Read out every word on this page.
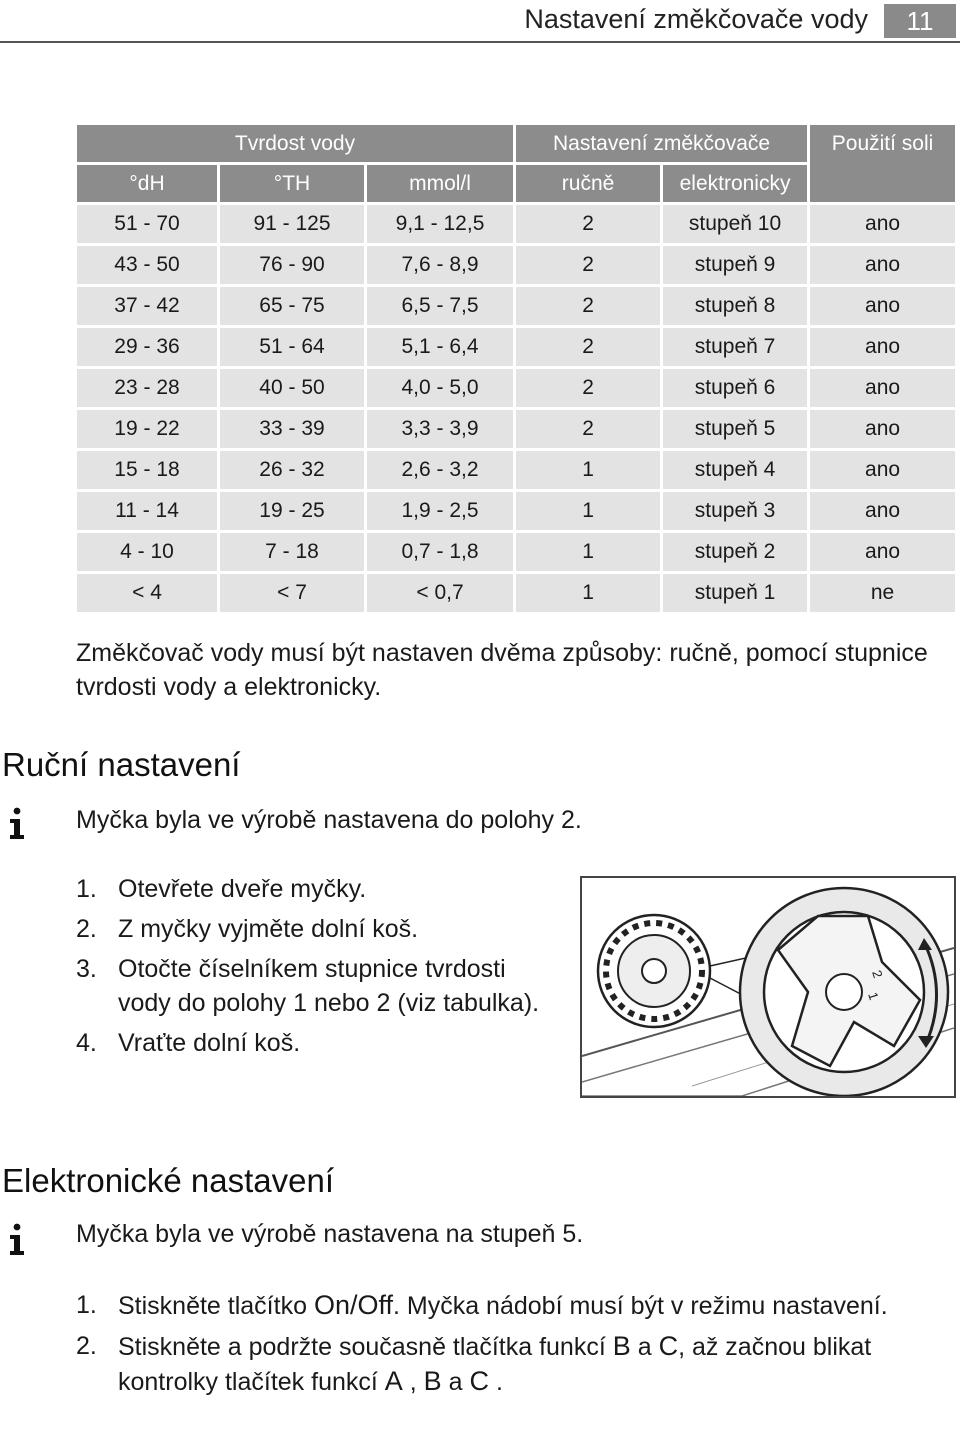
Nastavení změkčovače vody	11
Tvrdost vody			Nastavení změkčovače		Použití soli
°dH	°TH	mmol/l	ručně	elektronicky	
51 - 70	91 - 125	9,1 - 12,5	2	stupeň 10	ano
43 - 50	76 - 90	7,6 - 8,9	2	stupeň 9	ano
37 - 42	65 - 75	6,5 - 7,5	2	stupeň 8	ano
29 - 36	51 - 64	5,1 - 6,4	2	stupeň 7	ano
23 - 28	40 - 50	4,0 - 5,0	2	stupeň 6	ano
19 - 22	33 - 39	3,3 - 3,9	2	stupeň 5	ano
15 - 18	26 - 32	2,6 - 3,2	1	stupeň 4	ano
11 - 14	19 - 25	1,9 - 2,5	1	stupeň 3	ano
4 - 10	7 - 18	0,7 - 1,8	1	stupeň 2	ano
< 4	< 7	< 0,7	1	stupeň 1	ne
Změkčovač vody musí být nastaven dvěma způsoby: ručně, pomocí stupnice tvrdosti vody a elektronicky.
Ruční nastavení
Myčka byla ve výrobě nastavena do polohy 2.
1. Otevřete dveře myčky.
2. Z myčky vyjměte dolní koš.
3. Otočte číselníkem stupnice tvrdosti vody do polohy 1 nebo 2 (viz tabulka).
4. Vraťte dolní koš.
2
1
Elektronické nastavení
Myčka byla ve výrobě nastavena na stupeň 5.
1. Stiskněte tlačítko On/Off. Myčka nádobí musí být v režimu nastavení.
2. Stiskněte a podržte současně tlačítka funkcí B a C, až začnou blikat kontrolky tlačítek funkcí A , B a C .
